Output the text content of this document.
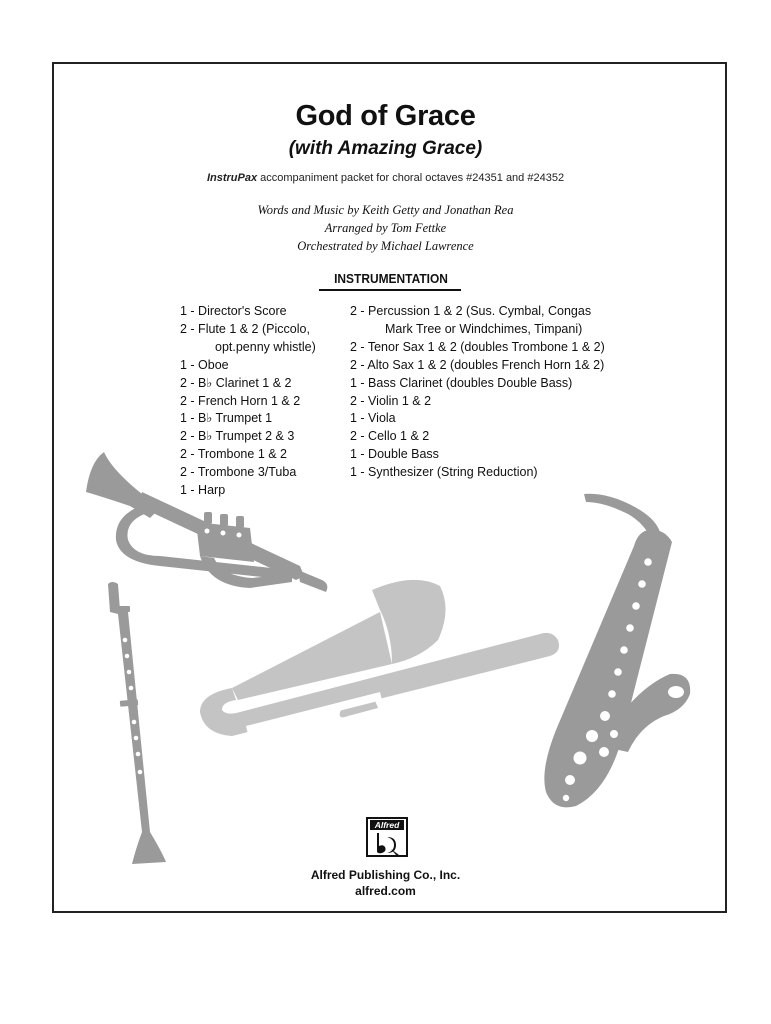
God of Grace
(with Amazing Grace)
InstruPax accompaniment packet for choral octaves #24351 and #24352
Words and Music by Keith Getty and Jonathan Rea
Arranged by Tom Fettke
Orchestrated by Michael Lawrence
INSTRUMENTATION
1 - Director's Score
2 - Flute 1 & 2 (Piccolo,
opt.penny whistle)
1 - Oboe
2 - B♭ Clarinet 1 & 2
2 - French Horn 1 & 2
1 - B♭ Trumpet 1
2 - B♭ Trumpet 2 & 3
2 - Trombone 1 & 2
2 - Trombone 3/Tuba
1 - Harp
2 - Percussion 1 & 2 (Sus. Cymbal, Congas
Mark Tree or Windchimes, Timpani)
2 - Tenor Sax 1 & 2 (doubles Trombone 1 & 2)
2 - Alto Sax 1 & 2 (doubles French Horn 1& 2)
1 - Bass Clarinet (doubles Double Bass)
2 - Violin 1 & 2
1 - Viola
2 - Cello 1 & 2
1 - Double Bass
1 - Synthesizer (String Reduction)
Alfred
Alfred Publishing Co., Inc.
alfred.com
